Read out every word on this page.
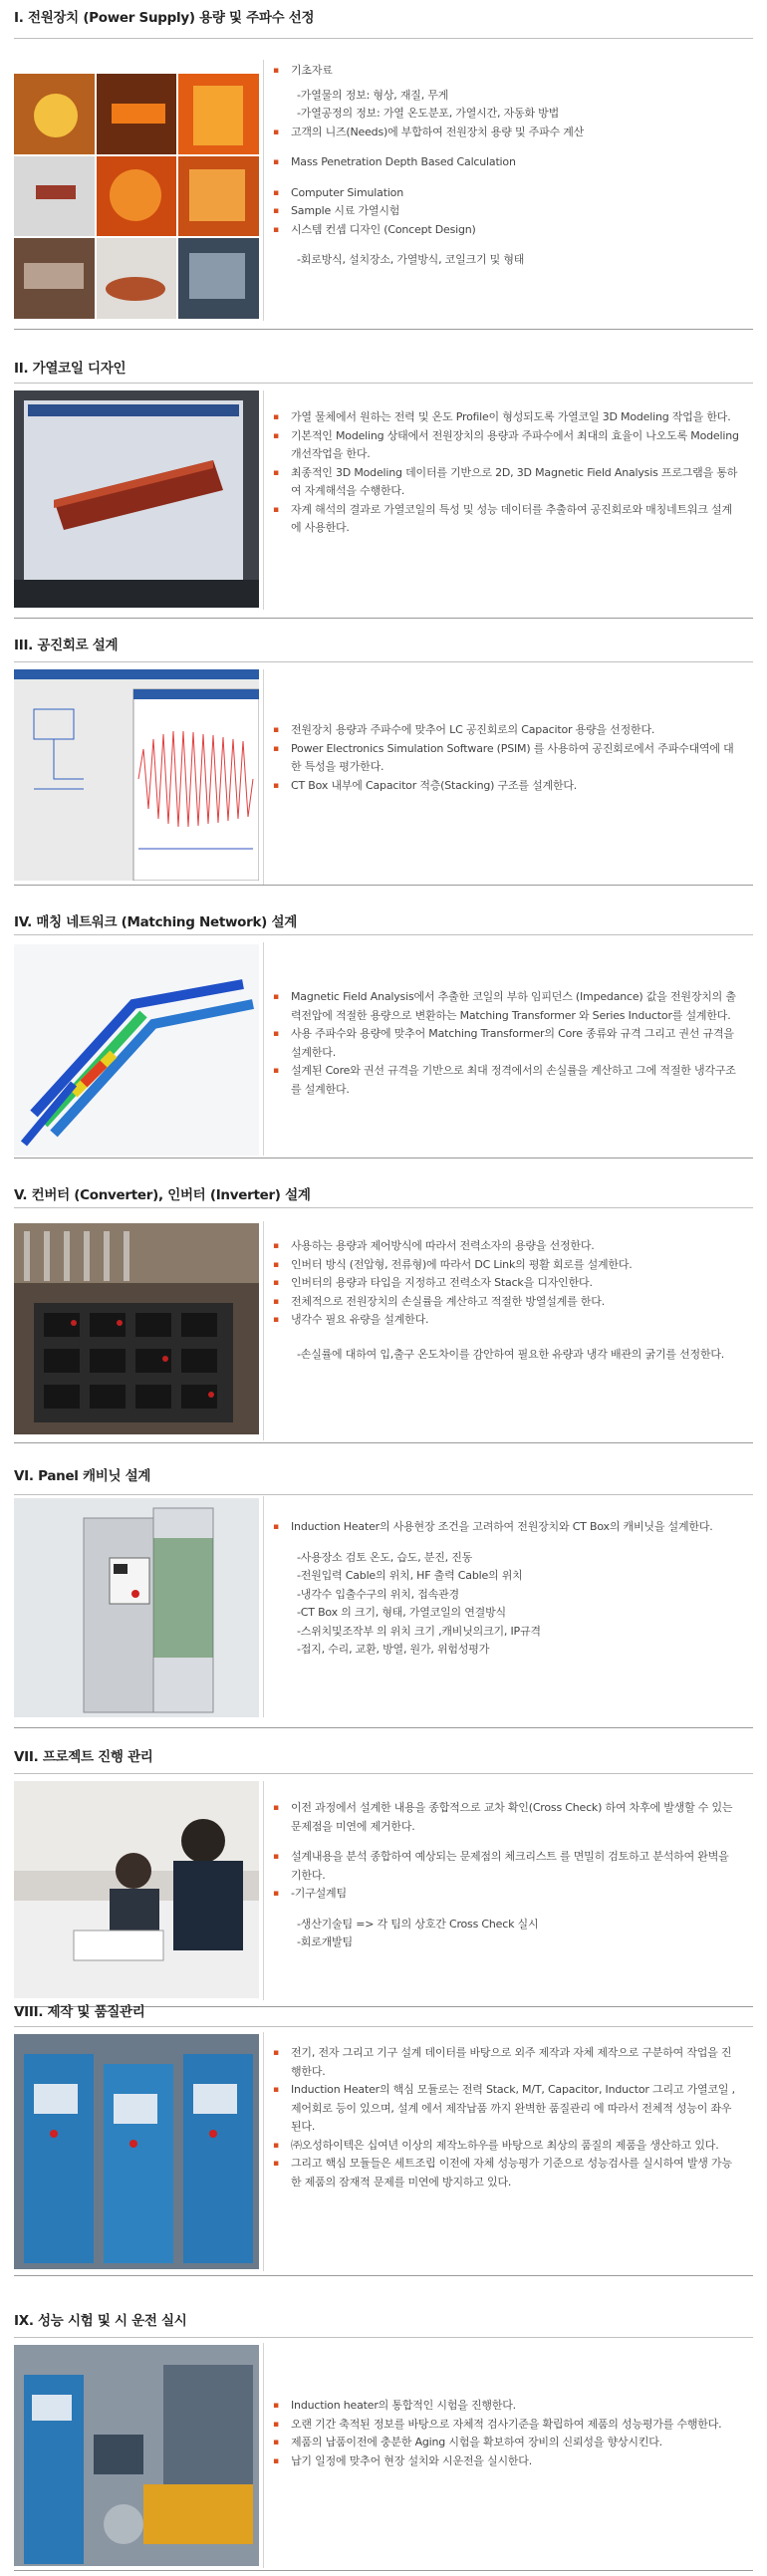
I. 전원장치 (Power Supply) 용량 및 주파수 선정

▪ 기초자료

-가열물의 정보: 형상, 재질, 무게

-가열공정의 정보: 가열 온도분포, 가열시간, 자동화 방법

▪ 고객의 니즈(Needs)에 부합하여 전원장치 용량 및 주파수 계산

▪ Mass Penetration Depth Based Calculation

▪ Computer Simulation

▪ Sample 시료 가열시험

▪ 시스템 컨셉 디자인 (Concept Design)

-회로방식, 설치장소, 가열방식, 코일크기 및 형태

II. 가열코일 디자인

▪ 가열 물체에서 원하는 전력 및 온도 Profile이 형성되도록 가열코일 3D Modeling 작업을 한다.

▪ 기본적인 Modeling 상태에서 전원장치의 용량과 주파수에서 최대의 효율이 나오도록 Modeling 개선작업을 한다.

▪ 최종적인 3D Modeling 데이터를 기반으로 2D, 3D Magnetic Field Analysis 프로그램을 통하여 자계해석을 수행한다.

▪ 자계 해석의 결과로 가열코일의 특성 및 성능 데이터를 추출하여 공진회로와 매칭네트워크 설계에 사용한다.

III. 공진회로 설계

▪ 전원장치 용량과 주파수에 맞추어 LC 공진회로의 Capacitor 용량을 선정한다.

▪ Power Electronics Simulation Software (PSIM) 를 사용하여 공진회로에서 주파수대역에 대한 특성을 평가한다.

▪ CT Box 내부에 Capacitor 적층(Stacking) 구조를 설계한다.

IV. 매칭 네트워크 (Matching Network) 설계

▪ Magnetic Field Analysis에서 추출한 코일의 부하 임피던스 (Impedance) 값을 전원장치의 출력전압에 적절한 용량으로 변환하는 Matching Transformer 와 Series Inductor를 설계한다.

▪ 사용 주파수와 용량에 맞추어 Matching Transformer의 Core 종류와 규격 그리고 권선 규격을 설계한다.

▪ 설계된 Core와 권선 규격을 기반으로 최대 정격에서의 손실률을 계산하고 그에 적절한 냉각구조를 설계한다.

V. 컨버터 (Converter), 인버터 (Inverter) 설계

▪ 사용하는 용량과 제어방식에 따라서 전력소자의 용량을 선정한다.

▪ 인버터 방식 (전압형, 전류형)에 따라서 DC Link의 평활 회로를 설계한다.

▪ 인버터의 용량과 타입을 지정하고 전력소자 Stack을 디자인한다.

▪ 전체적으로 전원장치의 손실률을 계산하고 적절한 방열설계를 한다.

▪ 냉각수 필요 유량을 설계한다.

-손실률에 대하여 입,출구 온도차이를 감안하여 필요한 유량과 냉각 배관의 굵기를 선정한다.

VI. Panel 캐비닛 설계

▪ Induction Heater의 사용현장 조건을 고려하여 전원장치와 CT Box의 캐비닛을 설계한다.

-사용장소 검토 온도, 습도, 분진, 진동

-전원입력 Cable의 위치, HF 출력 Cable의 위치

-냉각수 입출수구의 위치, 접속관경

-CT Box 의 크기, 형태, 가열코일의 연결방식

-스위치및조작부 의 위치 크기 ,캐비닛의크기, IP규격

-접지, 수리, 교환, 방열, 원가, 위험성평가

VII. 프로젝트 진행 관리

▪ 이전 과정에서 설계한 내용을 종합적으로 교차 확인(Cross Check) 하여 차후에 발생할 수 있는 문제점을 미연에 제거한다.

▪ 설계내용을 분석 종합하여 예상되는 문제점의 체크리스트 를 면밀히 검토하고 분석하여 완벽을 기한다.

▪ -기구설계팀

-생산기술팀 => 각 팀의 상호간 Cross Check 실시

-회로개발팀

VIII. 제작 및 품질관리

▪ 전기, 전자 그리고 기구 설계 데이터를 바탕으로 외주 제작과 자체 제작으로 구분하여 작업을 진행한다.

▪ Induction Heater의 핵심 모듈로는 전력 Stack, M/T, Capacitor, Inductor 그리고 가열코일 ,제어회로 등이 있으며, 설계 에서 제작납품 까지 완벽한 품질관리 에 따라서 전체적 성능이 좌우된다.

▪ ㈜오성하이텍은 십여년 이상의 제작노하우를 바탕으로 최상의 품질의 제품을 생산하고 있다.

▪ 그리고 핵심 모듈들은 세트조립 이전에 자체 성능평가 기준으로 성능검사를 실시하여 발생 가능한 제품의 잠재적 문제를 미연에 방지하고 있다.

IX. 성능 시험 및 시 운전 실시

▪ Induction heater의 통합적인 시험을 진행한다.

▪ 오랜 기간 축적된 정보를 바탕으로 자체적 검사기준을 확립하여 제품의 성능평가를 수행한다.

▪ 제품의 납품이전에 충분한 Aging 시험을 확보하여 장비의 신뢰성을 향상시킨다.

▪ 납기 일정에 맞추어 현장 설치와 시운전을 실시한다.
